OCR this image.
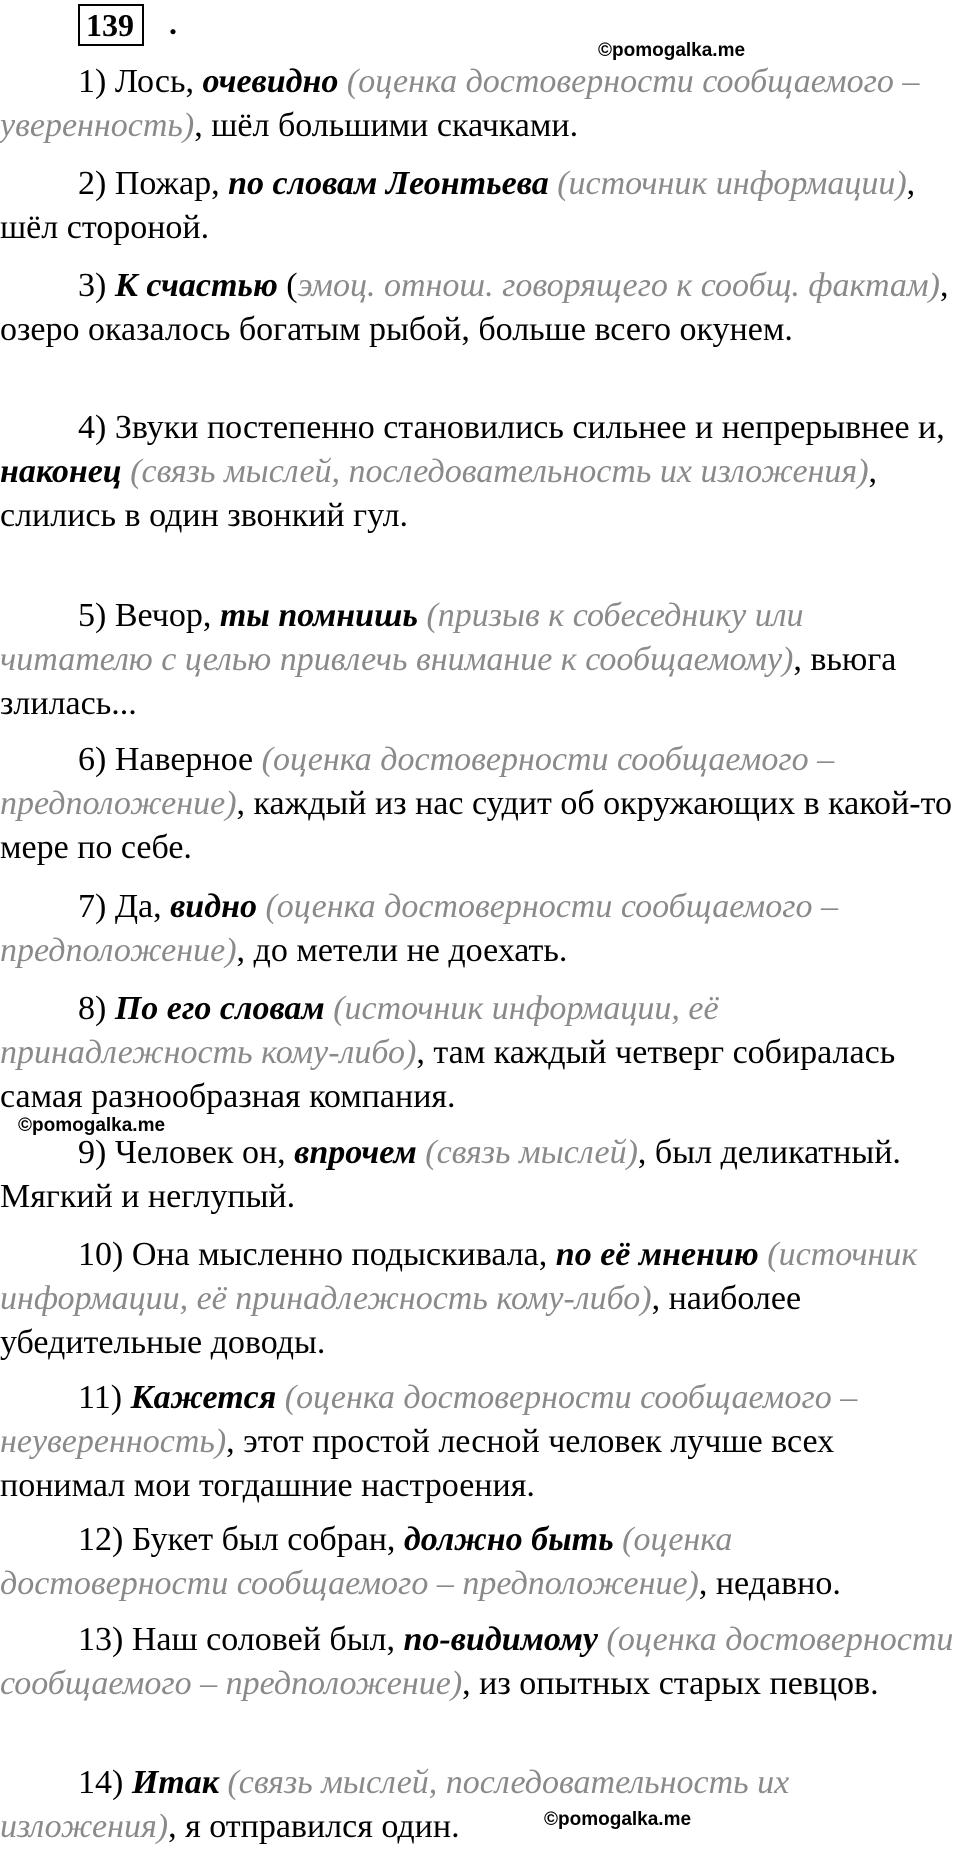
139	.
©pomogalka.me
©pomogalka.me
©pomogalka.me

1) Лось, очевидно (оценка достоверности сообщаемого – уверенность), шёл большими скачками.

2) Пожар, по словам Леонтьева (источник информации), шёл стороной.

3) К счастью (эмоц. отнош. говорящего к сообщ. фактам), озеро оказалось богатым рыбой, больше всего окунем.

4) Звуки постепенно становились сильнее и непрерывнее и, наконец (связь мыслей, последовательность их изложения), слились в один звонкий гул.

5) Вечор, ты помнишь (призыв к собеседнику или читателю с целью привлечь внимание к сообщаемому), вьюга злилась...

6) Наверное (оценка достоверности сообщаемого – предположение), каждый из нас судит об окружающих в какой-то мере по себе.

7) Да, видно (оценка достоверности сообщаемого – предположение), до метели не доехать.

8) По его словам (источник информации, её принадлежность кому-либо), там каждый четверг собиралась самая разнообразная компания.

9) Человек он, впрочем (связь мыслей), был деликатный. Мягкий и неглупый.

10) Она мысленно подыскивала, по её мнению (источник информации, её принадлежность кому-либо), наиболее убедительные доводы.

11) Кажется (оценка достоверности сообщаемого – неуверенность), этот простой лесной человек лучше всех понимал мои тогдашние настроения.

12) Букет был собран, должно быть (оценка достоверности сообщаемого – предположение), недавно.

13) Наш соловей был, по-видимому (оценка достоверности сообщаемого – предположение), из опытных старых певцов.

14) Итак (связь мыслей, последовательность их изложения), я отправился один.
